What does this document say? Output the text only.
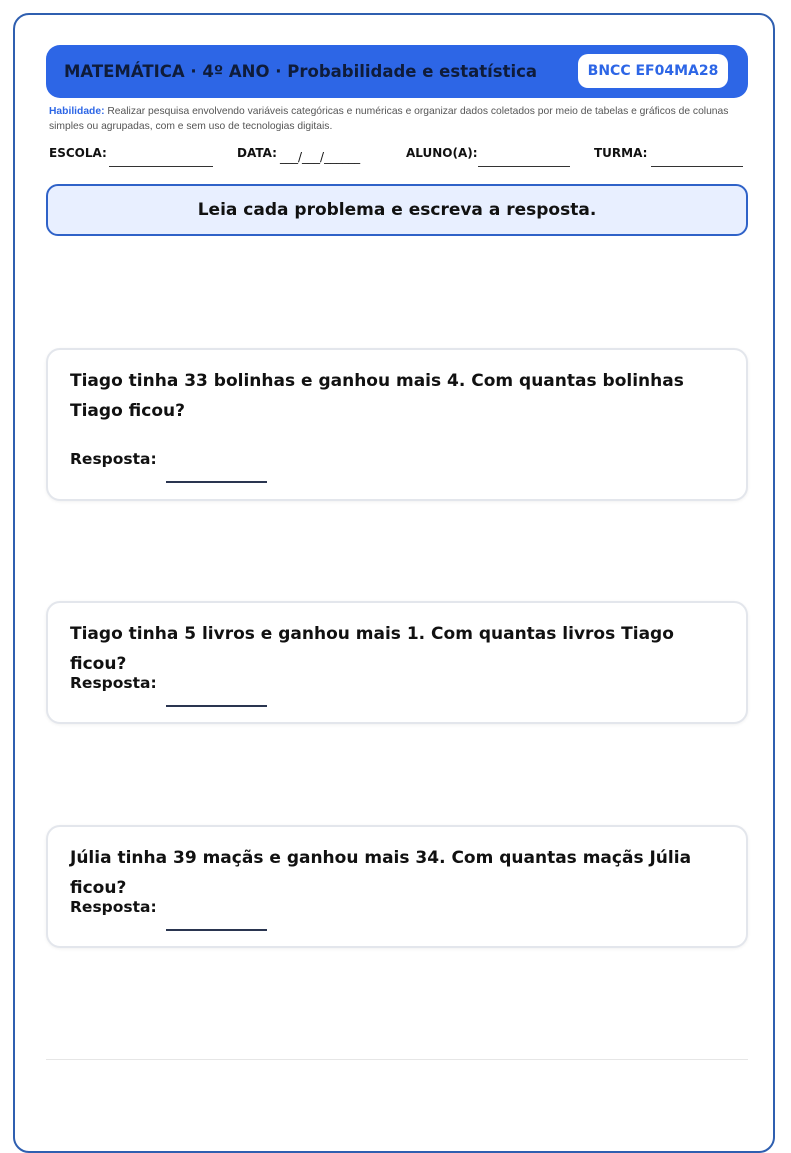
MATEMÁTICA · 4º ANO · Probabilidade e estatística	BNCC EF04MA28
Habilidade: Realizar pesquisa envolvendo variáveis categóricas e numéricas e organizar dados coletados por meio de tabelas e gráficos de colunas simples ou agrupadas, com e sem uso de tecnologias digitais.
ESCOLA:	DATA: ___/___/______	ALUNO(A):	TURMA:
Leia cada problema e escreva a resposta.
Tiago tinha 33 bolinhas e ganhou mais 4. Com quantas bolinhas Tiago ficou?
Resposta:
Tiago tinha 5 livros e ganhou mais 1. Com quantas livros Tiago ficou?
Resposta:
Júlia tinha 39 maçãs e ganhou mais 34. Com quantas maçãs Júlia ficou?
Resposta:
